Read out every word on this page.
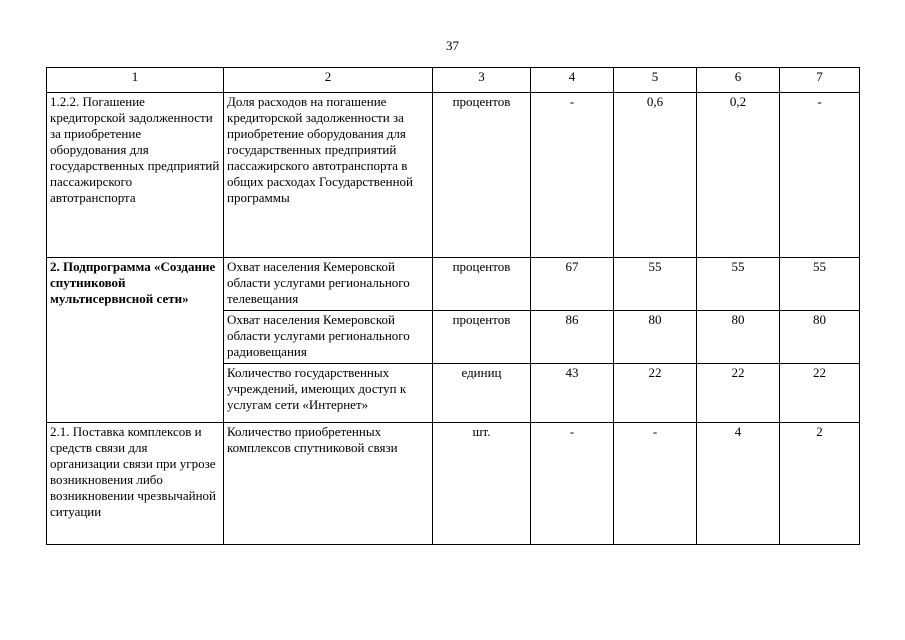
37
1	2	3	4	5	6	7
1.2.2. Погашение кредиторской задолженности за приобретение оборудования для государственных предприятий пассажирского автотранспорта	Доля расходов на погашение кредиторской задолженности за приобретение оборудования для государственных предприятий пассажирского автотранспорта в общих расходах Государственной программы	процентов	-	0,6	0,2	-
2. Подпрограмма «Создание спутниковой мультисервисной сети»	Охват населения Кемеровской области услугами регионального телевещания	процентов	67	55	55	55
	Охват населения Кемеровской области услугами регионального радиовещания	процентов	86	80	80	80
	Количество государственных учреждений, имеющих доступ к услугам сети «Интернет»	единиц	43	22	22	22
2.1. Поставка комплексов и средств связи для организации связи при угрозе возникновения либо возникновении чрезвычайной ситуации	Количество приобретенных комплексов спутниковой связи	шт.	-	-	4	2
